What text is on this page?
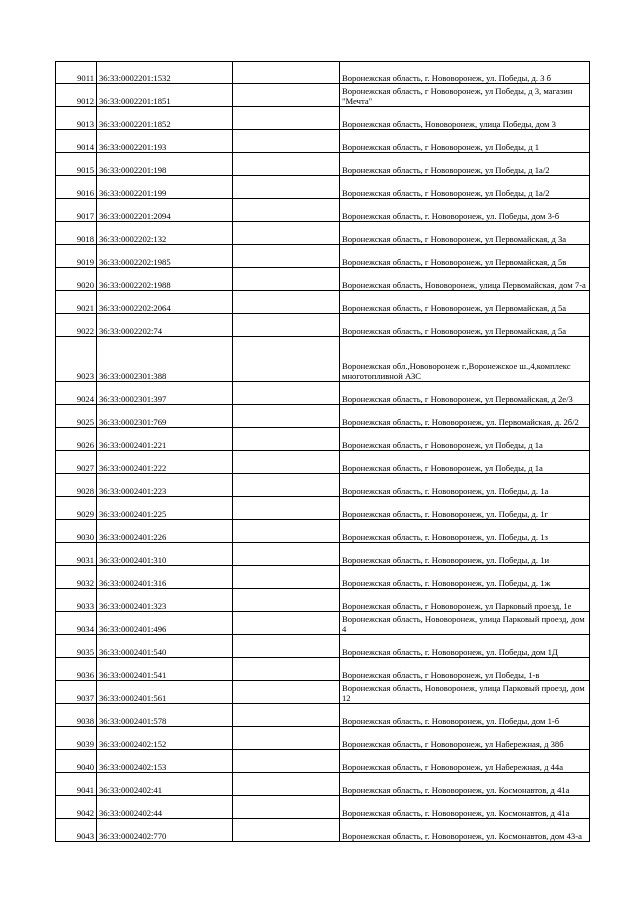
9011	36:33:0002201:1532		Воронежская область, г. Нововоронеж, ул. Победы, д. 3 б
9012	36:33:0002201:1851		Воронежская область, г Нововоронеж, ул Победы, д 3, магазин "Мечта"
9013	36:33:0002201:1852		Воронежская область, Нововоронеж, улица Победы, дом 3
9014	36:33:0002201:193		Воронежская область, г Нововоронеж, ул Победы, д 1
9015	36:33:0002201:198		Воронежская область, г Нововоронеж, ул Победы, д 1а/2
9016	36:33:0002201:199		Воронежская область, г Нововоронеж, ул Победы, д 1а/2
9017	36:33:0002201:2094		Воронежская область, г. Нововоронеж, ул. Победы, дом 3-б
9018	36:33:0002202:132		Воронежская область, г Нововоронеж, ул Первомайская, д 3а
9019	36:33:0002202:1985		Воронежская область, г Нововоронеж, ул Первомайская, д 5в
9020	36:33:0002202:1988		Воронежская область, Нововоронеж, улица Первомайская, дом 7-а
9021	36:33:0002202:2064		Воронежская область, г Нововоронеж, ул Первомайская, д 5а
9022	36:33:0002202:74		Воронежская область, г Нововоронеж, ул Первомайская, д 5а
9023	36:33:0002301:388		Воронежская обл.,Нововоронеж г.,Воронежское ш.,4,комплекс многотопливной АЗС
9024	36:33:0002301:397		Воронежская область, г Нововоронеж, ул Первомайская, д 2е/3
9025	36:33:0002301:769		Воронежская область, г. Нововоронеж, ул. Первомайская, д. 2б/2
9026	36:33:0002401:221		Воронежская область, г Нововоронеж, ул Победы, д 1а
9027	36:33:0002401:222		Воронежская область, г Нововоронеж, ул Победы, д 1а
9028	36:33:0002401:223		Воронежская область, г. Нововоронеж, ул. Победы, д. 1а
9029	36:33:0002401:225		Воронежская область, г. Нововоронеж, ул. Победы, д. 1г
9030	36:33:0002401:226		Воронежская область, г. Нововоронеж, ул. Победы, д. 1з
9031	36:33:0002401:310		Воронежская область, г. Нововоронеж, ул. Победы, д. 1и
9032	36:33:0002401:316		Воронежская область, г. Нововоронеж, ул. Победы, д. 1ж
9033	36:33:0002401:323		Воронежская область, г Нововоронеж, ул Парковый проезд, 1е
9034	36:33:0002401:496		Воронежская область, Нововоронеж, улица Парковый проезд, дом 4
9035	36:33:0002401:540		Воронежская область, г. Нововоронеж, ул. Победы, дом 1Д
9036	36:33:0002401:541		Воронежская область, г Нововоронеж, ул Победы, 1-в
9037	36:33:0002401:561		Воронежская область, Нововоронеж, улица Парковый проезд, дом 12
9038	36:33:0002401:578		Воронежская область, г. Нововоронеж, ул. Победы, дом 1-б
9039	36:33:0002402:152		Воронежская область, г Нововоронеж, ул Набережная, д 38б
9040	36:33:0002402:153		Воронежская область, г Нововоронеж, ул Набережная, д 44а
9041	36:33:0002402:41		Воронежская область, г. Нововоронеж, ул. Космонавтов, д 41а
9042	36:33:0002402:44		Воронежская область, г. Нововоронеж, ул. Космонавтов, д 41а
9043	36:33:0002402:770		Воронежская область, г. Нововоронеж, ул. Космонавтов, дом 43-а
